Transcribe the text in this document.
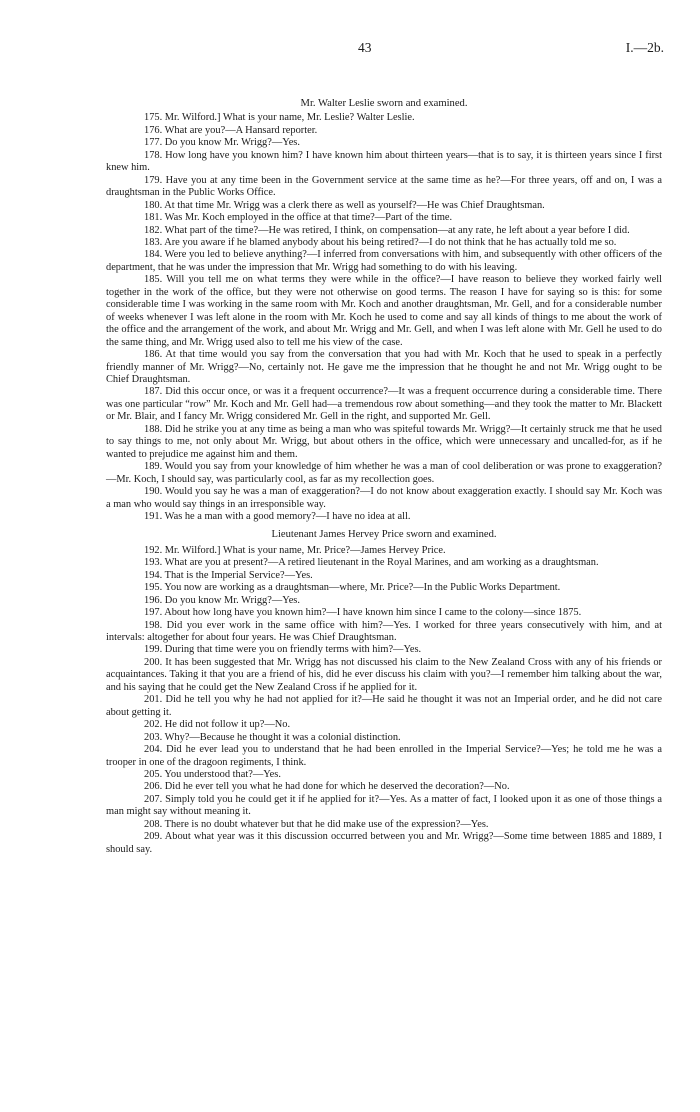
43	I.—2b.

Mr. Walter Leslie sworn and examined.

175. Mr. Wilford.] What is your name, Mr. Leslie? Walter Leslie.

176. What are you?—A Hansard reporter.

177. Do you know Mr. Wrigg?—Yes.

178. How long have you known him? I have known him about thirteen years—that is to say, it is thirteen years since I first knew him.

179. Have you at any time been in the Government service at the same time as he?—For three years, off and on, I was a draughtsman in the Public Works Office.

180. At that time Mr. Wrigg was a clerk there as well as yourself?—He was Chief Draughtsman.

181. Was Mr. Koch employed in the office at that time?—Part of the time.

182. What part of the time?—He was retired, I think, on compensation—at any rate, he left about a year before I did.

183. Are you aware if he blamed anybody about his being retired?—I do not think that he has actually told me so.

184. Were you led to believe anything?—I inferred from conversations with him, and subsequently with other officers of the department, that he was under the impression that Mr. Wrigg had something to do with his leaving.

185. Will you tell me on what terms they were while in the office?—I have reason to believe they worked fairly well together in the work of the office, but they were not otherwise on good terms. The reason I have for saying so is this: for some considerable time I was working in the same room with Mr. Koch and another draughtsman, Mr. Gell, and for a considerable number of weeks whenever I was left alone in the room with Mr. Koch he used to come and say all kinds of things to me about the work of the office and the arrangement of the work, and about Mr. Wrigg and Mr. Gell, and when I was left alone with Mr. Gell he used to do the same thing, and Mr. Wrigg used also to tell me his view of the case.

186. At that time would you say from the conversation that you had with Mr. Koch that he used to speak in a perfectly friendly manner of Mr. Wrigg?—No, certainly not. He gave me the impression that he thought he and not Mr. Wrigg ought to be Chief Draughtsman.

187. Did this occur once, or was it a frequent occurrence?—It was a frequent occurrence during a considerable time. There was one particular “row” Mr. Koch and Mr. Gell had—a tremendous row about something—and they took the matter to Mr. Blackett or Mr. Blair, and I fancy Mr. Wrigg considered Mr. Gell in the right, and supported Mr. Gell.

188. Did he strike you at any time as being a man who was spiteful towards Mr. Wrigg?—It certainly struck me that he used to say things to me, not only about Mr. Wrigg, but about others in the office, which were unnecessary and uncalled-for, as if he wanted to prejudice me against him and them.

189. Would you say from your knowledge of him whether he was a man of cool deliberation or was prone to exaggeration?—Mr. Koch, I should say, was particularly cool, as far as my recollection goes.

190. Would you say he was a man of exaggeration?—I do not know about exaggeration exactly. I should say Mr. Koch was a man who would say things in an irresponsible way.

191. Was he a man with a good memory?—I have no idea at all.

Lieutenant James Hervey Price sworn and examined.

192. Mr. Wilford.] What is your name, Mr. Price?—James Hervey Price.

193. What are you at present?—A retired lieutenant in the Royal Marines, and am working as a draughtsman.

194. That is the Imperial Service?—Yes.

195. You now are working as a draughtsman—where, Mr. Price?—In the Public Works Department.

196. Do you know Mr. Wrigg?—Yes.

197. About how long have you known him?—I have known him since I came to the colony—since 1875.

198. Did you ever work in the same office with him?—Yes. I worked for three years consecutively with him, and at intervals: altogether for about four years. He was Chief Draughtsman.

199. During that time were you on friendly terms with him?—Yes.

200. It has been suggested that Mr. Wrigg has not discussed his claim to the New Zealand Cross with any of his friends or acquaintances. Taking it that you are a friend of his, did he ever discuss his claim with you?—I remember him talking about the war, and his saying that he could get the New Zealand Cross if he applied for it.

201. Did he tell you why he had not applied for it?—He said he thought it was not an Imperial order, and he did not care about getting it.

202. He did not follow it up?—No.

203. Why?—Because he thought it was a colonial distinction.

204. Did he ever lead you to understand that he had been enrolled in the Imperial Service?—Yes; he told me he was a trooper in one of the dragoon regiments, I think.

205. You understood that?—Yes.

206. Did he ever tell you what he had done for which he deserved the decoration?—No.

207. Simply told you he could get it if he applied for it?—Yes. As a matter of fact, I looked upon it as one of those things a man might say without meaning it.

208. There is no doubt whatever but that he did make use of the expression?—Yes.

209. About what year was it this discussion occurred between you and Mr. Wrigg?—Some time between 1885 and 1889, I should say.
